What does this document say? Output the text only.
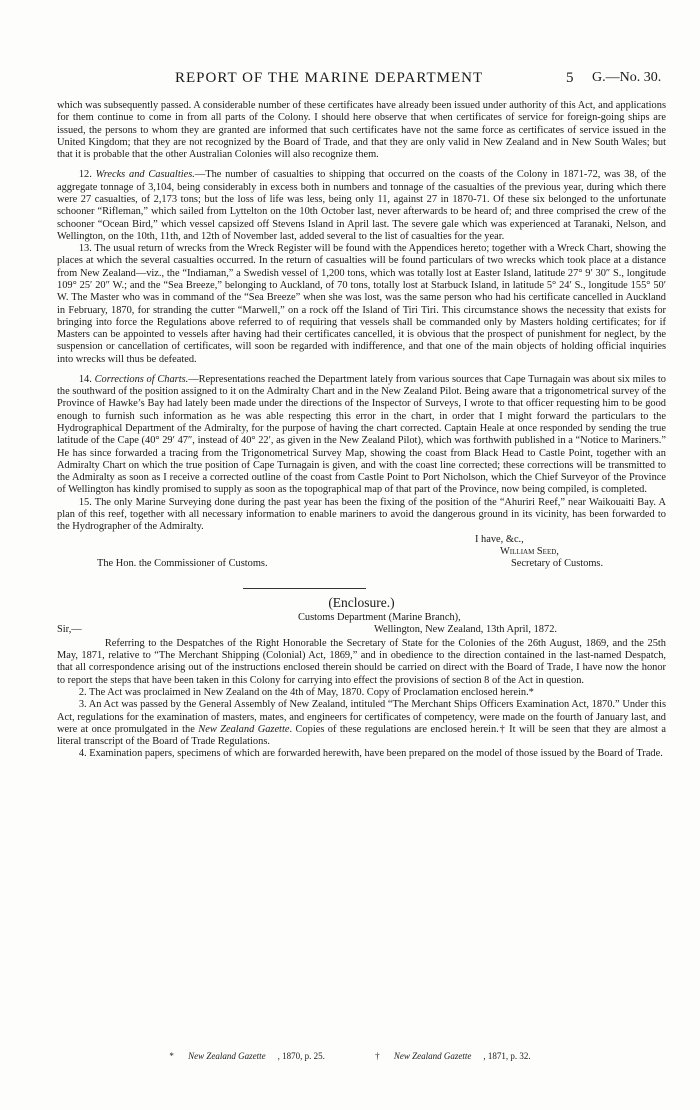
REPORT OF THE MARINE DEPARTMENT	5 G.—No. 30.

which was subsequently passed. A considerable number of these certificates have already been issued under authority of this Act, and applications for them continue to come in from all parts of the Colony. I should here observe that when certificates of service for foreign-going ships are issued, the persons to whom they are granted are informed that such certificates have not the same force as certificates of service issued in the United Kingdom; that they are not recognized by the Board of Trade, and that they are only valid in New Zealand and in New South Wales; but that it is probable that the other Australian Colonies will also recognize them.

12. Wrecks and Casualties.—The number of casualties to shipping that occurred on the coasts of the Colony in 1871-72, was 38, of the aggregate tonnage of 3,104, being considerably in excess both in numbers and tonnage of the casualties of the previous year, during which there were 27 casualties, of 2,173 tons; but the loss of life was less, being only 11, against 27 in 1870-71. Of these six belonged to the unfortunate schooner “Rifleman,” which sailed from Lyttelton on the 10th October last, never afterwards to be heard of; and three comprised the crew of the schooner “Ocean Bird,” which vessel capsized off Stevens Island in April last. The severe gale which was experienced at Taranaki, Nelson, and Wellington, on the 10th, 11th, and 12th of November last, added several to the list of casualties for the year.

13. The usual return of wrecks from the Wreck Register will be found with the Appendices hereto; together with a Wreck Chart, showing the places at which the several casualties occurred. In the return of casualties will be found particulars of two wrecks which took place at a distance from New Zealand—viz., the “Indiaman,” a Swedish vessel of 1,200 tons, which was totally lost at Easter Island, latitude 27° 9′ 30″ S., longitude 109° 25′ 20″ W.; and the “Sea Breeze,” belonging to Auckland, of 70 tons, totally lost at Starbuck Island, in latitude 5° 24′ S., longitude 155° 50′ W. The Master who was in command of the “Sea Breeze” when she was lost, was the same person who had his certificate cancelled in Auckland in February, 1870, for stranding the cutter “Marwell,” on a rock off the Island of Tiri Tiri. This circumstance shows the necessity that exists for bringing into force the Regulations above referred to of requiring that vessels shall be commanded only by Masters holding certificates; for if Masters can be appointed to vessels after having had their certificates cancelled, it is obvious that the prospect of punishment for neglect, by the suspension or cancellation of certificates, will soon be regarded with indifference, and that one of the main objects of holding official inquiries into wrecks will thus be defeated.

14. Corrections of Charts.—Representations reached the Department lately from various sources that Cape Turnagain was about six miles to the southward of the position assigned to it on the Admiralty Chart and in the New Zealand Pilot. Being aware that a trigonometrical survey of the Province of Hawke’s Bay had lately been made under the directions of the Inspector of Surveys, I wrote to that officer requesting him to be good enough to furnish such information as he was able respecting this error in the chart, in order that I might forward the particulars to the Hydrographical Department of the Admiralty, for the purpose of having the chart corrected. Captain Heale at once responded by sending the true latitude of the Cape (40° 29′ 47″, instead of 40° 22′, as given in the New Zealand Pilot), which was forthwith published in a “Notice to Mariners.” He has since forwarded a tracing from the Trigonometrical Survey Map, showing the coast from Black Head to Castle Point, together with an Admiralty Chart on which the true position of Cape Turnagain is given, and with the coast line corrected; these corrections will be transmitted to the Admiralty as soon as I receive a corrected outline of the coast from Castle Point to Port Nicholson, which the Chief Surveyor of the Province of Wellington has kindly promised to supply as soon as the topographical map of that part of the Province, now being compiled, is completed.

15. The only Marine Surveying done during the past year has been the fixing of the position of the “Ahuriri Reef,” near Waikouaiti Bay. A plan of this reef, together with all necessary information to enable mariners to avoid the dangerous ground in its vicinity, has been forwarded to the Hydrographer of the Admiralty.

I have, &c.,
William Seed,
The Hon. the Commissioner of Customs.	Secretary of Customs.
(Enclosure.)
Customs Department (Marine Branch),
Sir,—	Wellington, New Zealand, 13th April, 1872.

Referring to the Despatches of the Right Honorable the Secretary of State for the Colonies of the 26th August, 1869, and the 25th May, 1871, relative to “The Merchant Shipping (Colonial) Act, 1869,” and in obedience to the direction contained in the last-named Despatch, that all correspondence arising out of the instructions enclosed therein should be carried on direct with the Board of Trade, I have now the honor to report the steps that have been taken in this Colony for carrying into effect the provisions of section 8 of the Act in question.

2. The Act was proclaimed in New Zealand on the 4th of May, 1870. Copy of Proclamation enclosed herein.*

3. An Act was passed by the General Assembly of New Zealand, intituled “The Merchant Ships Officers Examination Act, 1870.” Under this Act, regulations for the examination of masters, mates, and engineers for certificates of competency, were made on the fourth of January last, and were at once promulgated in the New Zealand Gazette. Copies of these regulations are enclosed herein.† It will be seen that they are almost a literal transcript of the Board of Trade Regulations.

4. Examination papers, specimens of which are forwarded herewith, have been prepared on the model of those issued by the Board of Trade.

* New Zealand Gazette , 1870, p. 25.	† New Zealand Gazette , 1871, p. 32.
